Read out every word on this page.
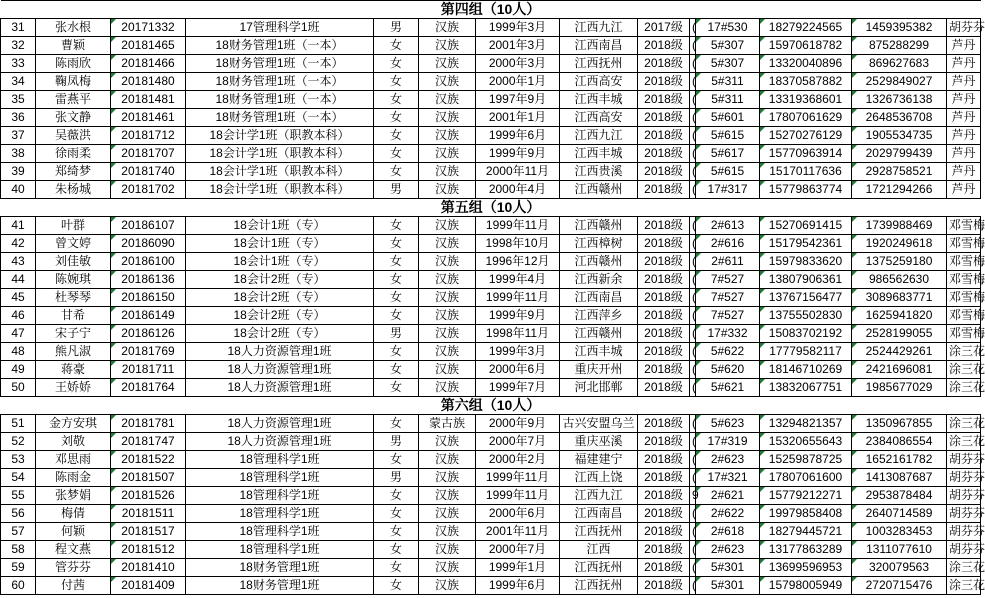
第四组（10人）													
31	张水根	20171332	17管理科学1班	男	汉族	1999年3月	江西九江	2017级	(	17#530	18279224565	1459395382	胡芬芬
32	曹颖	20181465	18财务管理1班（一本）	女	汉族	2001年3月	江西南昌	2018级	(	5#307	15970618782	875288299	芦丹
33	陈雨欣	20181466	18财务管理1班（一本）	女	汉族	2000年3月	江西抚州	2018级	(	5#307	13320040896	869627683	芦丹
34	鞠凤梅	20181480	18财务管理1班（一本）	女	汉族	2000年1月	江西高安	2018级	(	5#311	18370587882	2529849027	芦丹
35	雷燕平	20181481	18财务管理1班（一本）	女	汉族	1997年9月	江西丰城	2018级	(	5#311	13319368601	1326736138	芦丹
36	张文静	20181461	18财务管理1班（一本）	女	汉族	2001年1月	江西高安	2018级	(	5#601	17807061629	2648536708	芦丹
37	吴薇洪	20181712	18会计学1班（职教本科）	女	汉族	1999年6月	江西九江	2018级	(	5#615	15270276129	1905534735	芦丹
38	徐雨柔	20181707	18会计学1班（职教本科）	女	汉族	1999年9月	江西丰城	2018级	(	5#617	15770963914	2029799439	芦丹
39	郑绮梦	20181740	18会计学1班（职教本科）	女	汉族	2000年11月	江西贵溪	2018级	(	5#615	15170117636	2928758521	芦丹
40	朱杨城	20181702	18会计学1班（职教本科）	男	汉族	2000年4月	江西赣州	2018级	(	17#317	15779863774	1721294266	芦丹
第五组（10人）													
41	叶群	20186107	18会计1班（专）	女	汉族	1999年11月	江西赣州	2018级	(	2#613	15270691415	1739988469	邓雪梅
42	曾文婷	20186090	18会计1班（专）	女	汉族	1998年10月	江西樟树	2018级	(	2#616	15179542361	1920249618	邓雪梅
43	刘佳敏	20186100	18会计1班（专）	女	汉族	1996年12月	江西赣州	2018级	(	2#611	15979833620	1375259180	邓雪梅
44	陈婉琪	20186136	18会计2班（专）	女	汉族	1999年4月	江西新余	2018级	(	7#527	13807906361	986562630	邓雪梅
45	杜琴琴	20186150	18会计2班（专）	女	汉族	1999年11月	江西南昌	2018级	(	7#527	13767156477	3089683771	邓雪梅
46	甘希	20186149	18会计2班（专）	女	汉族	1999年9月	江西萍乡	2018级	(	7#527	13755502830	1625941820	邓雪梅
47	宋子宁	20186126	18会计2班（专）	男	汉族	1998年11月	江西赣州	2018级	(	17#332	15083702192	2528199055	邓雪梅
48	熊凡淑	20181769	18人力资源管理1班	女	汉族	1999年3月	江西丰城	2018级	(	5#622	17779582117	2524429261	涂三花
49	蒋豪	20181711	18人力资源管理1班	女	汉族	2000年6月	重庆开州	2018级	(	5#620	18146710269	2421696081	涂三花
50	王娇娇	20181764	18人力资源管理1班	女	汉族	1999年7月	河北邯郸	2018级	(	5#621	13832067751	1985677029	涂三花
第六组（10人）													
51	金方安琪	20181781	18人力资源管理1班	女	蒙古族	2000年9月	古兴安盟乌兰	2018级	(	5#623	13294821357	1350967855	涂三花
52	刘敬	20181747	18人力资源管理1班	男	汉族	2000年7月	重庆巫溪	2018级	(	17#319	15320655643	2384086554	涂三花
53	邓思雨	20181522	18管理科学1班	女	汉族	2000年2月	福建建宁	2018级	(	2#623	15259878725	1652161782	胡芬芬
54	陈雨金	20181507	18管理科学1班	男	汉族	1999年11月	江西上饶	2018级	(	17#321	17807061600	1413087687	胡芬芬
55	张梦娟	20181526	18管理科学1班	女	汉族	1999年11月	江西九江	2018级	9	2#621	15779212271	2953878484	胡芬芬
56	梅倩	20181511	18管理科学1班	女	汉族	2000年6月	江西南昌	2018级	(	2#622	19979858408	2640714589	胡芬芬
57	何颖	20181517	18管理科学1班	女	汉族	2001年11月	江西抚州	2018级	(	2#618	18279445721	1003283453	胡芬芬
58	程文燕	20181512	18管理科学1班	女	汉族	2000年7月	江西	2018级	(	2#623	13177863289	1311077610	胡芬芬
59	管芬芬	20181410	18财务管理1班	女	汉族	1999年1月	江西抚州	2018级	(	5#301	13699596953	320079563	涂三花
60	付茜	20181409	18财务管理1班	女	汉族	1999年6月	江西抚州	2018级	(	5#301	15798005949	2720715476	涂三花
